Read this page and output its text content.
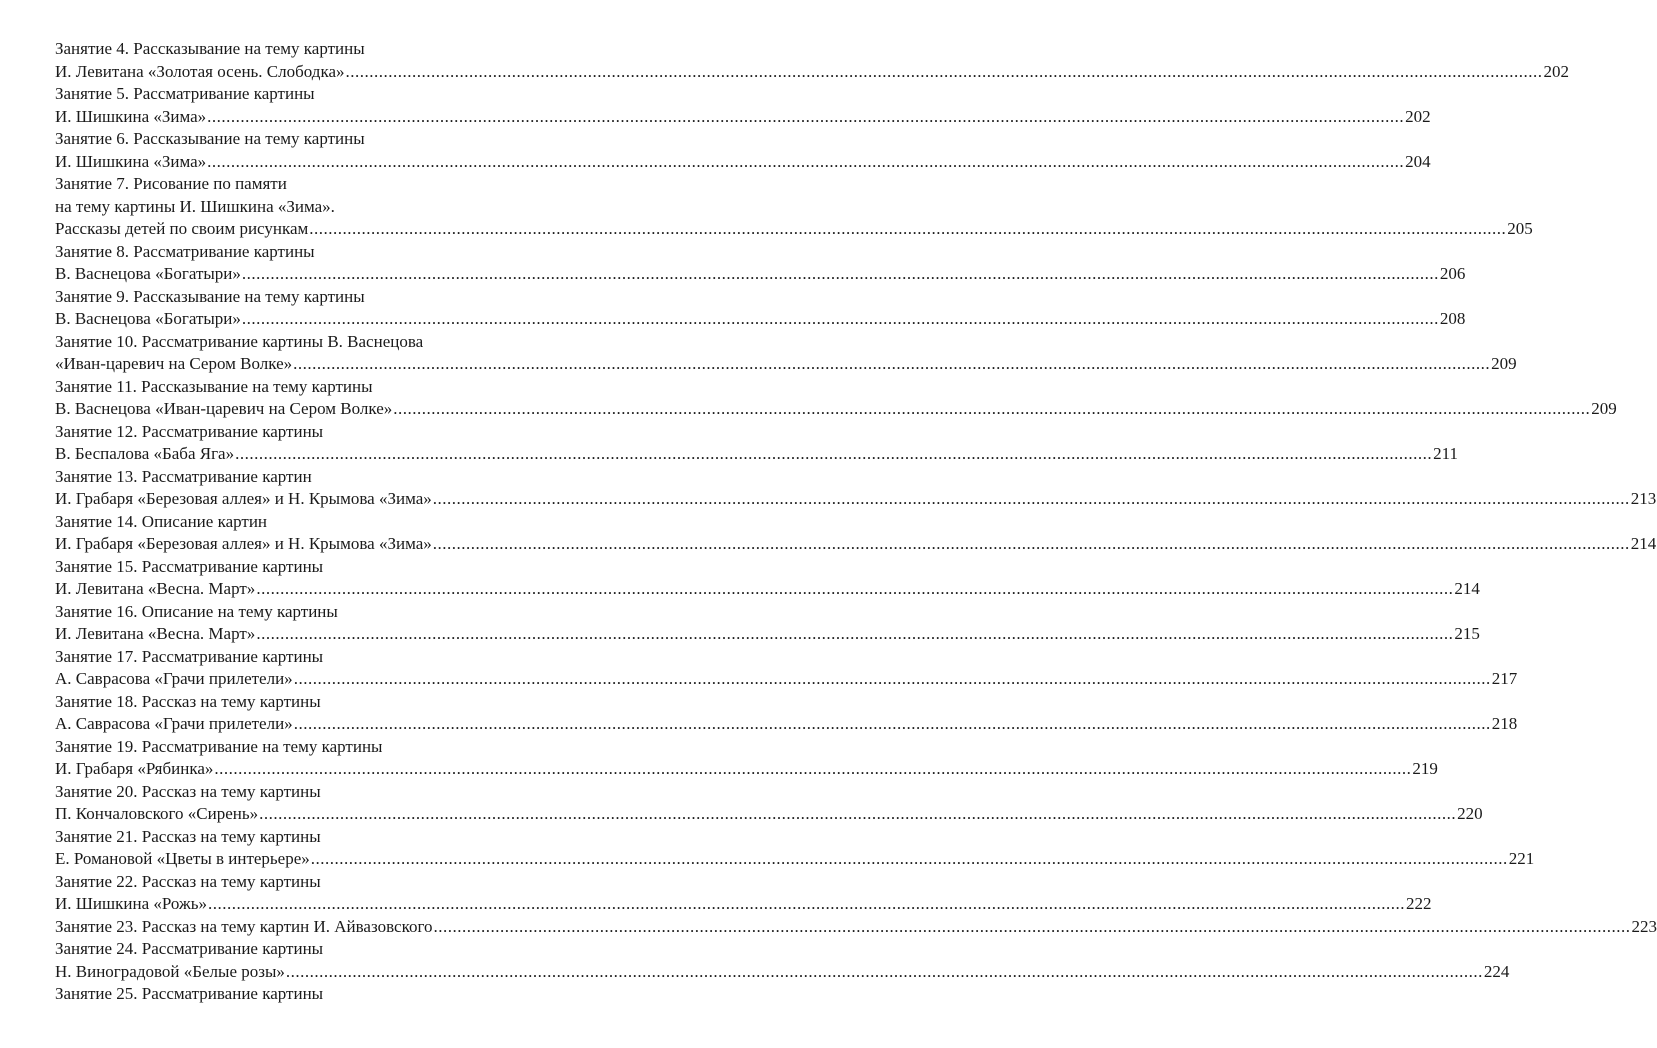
Занятие 4. Рассказывание на тему картины
И. Левитана «Золотая осень. Слободка» .....	202
Занятие 5. Рассматривание картины
И. Шишкина «Зима» .....	202
Занятие 6. Рассказывание на тему картины
И. Шишкина «Зима» .....	204
Занятие 7. Рисование по памяти
на тему картины И. Шишкина «Зима».
Рассказы детей по своим рисункам .....	205
Занятие 8. Рассматривание картины
В. Васнецова «Богатыри» .....	206
Занятие 9. Рассказывание на тему картины
В. Васнецова «Богатыри» .....	208
Занятие 10. Рассматривание картины В. Васнецова
«Иван-царевич на Сером Волке» .....	209
Занятие 11. Рассказывание на тему картины
В. Васнецова «Иван-царевич на Сером Волке» .....	209
Занятие 12. Рассматривание картины
В. Беспалова «Баба Яга» .....	211
Занятие 13. Рассматривание картин
И. Грабаря «Березовая аллея» и Н. Крымова «Зима» .....	213
Занятие 14. Описание картин
И. Грабаря «Березовая аллея» и Н. Крымова «Зима» .....	214
Занятие 15. Рассматривание картины
И. Левитана «Весна. Март» .....	214
Занятие 16. Описание на тему картины
И. Левитана «Весна. Март» .....	215
Занятие 17. Рассматривание картины
А. Саврасова «Грачи прилетели» .....	217
Занятие 18. Рассказ на тему картины
А. Саврасова «Грачи прилетели» .....	218
Занятие 19. Рассматривание на тему картины
И. Грабаря «Рябинка» .....	219
Занятие 20. Рассказ на тему картины
П. Кончаловского «Сирень» .....	220
Занятие 21. Рассказ на тему картины
Е. Романовой «Цветы в интерьере» .....	221
Занятие 22. Рассказ на тему картины
И. Шишкина «Рожь» .....	222
Занятие 23. Рассказ на тему картин И. Айвазовского .....	223
Занятие 24. Рассматривание картины
Н. Виноградовой «Белые розы» .....	224
Занятие 25. Рассматривание картины
